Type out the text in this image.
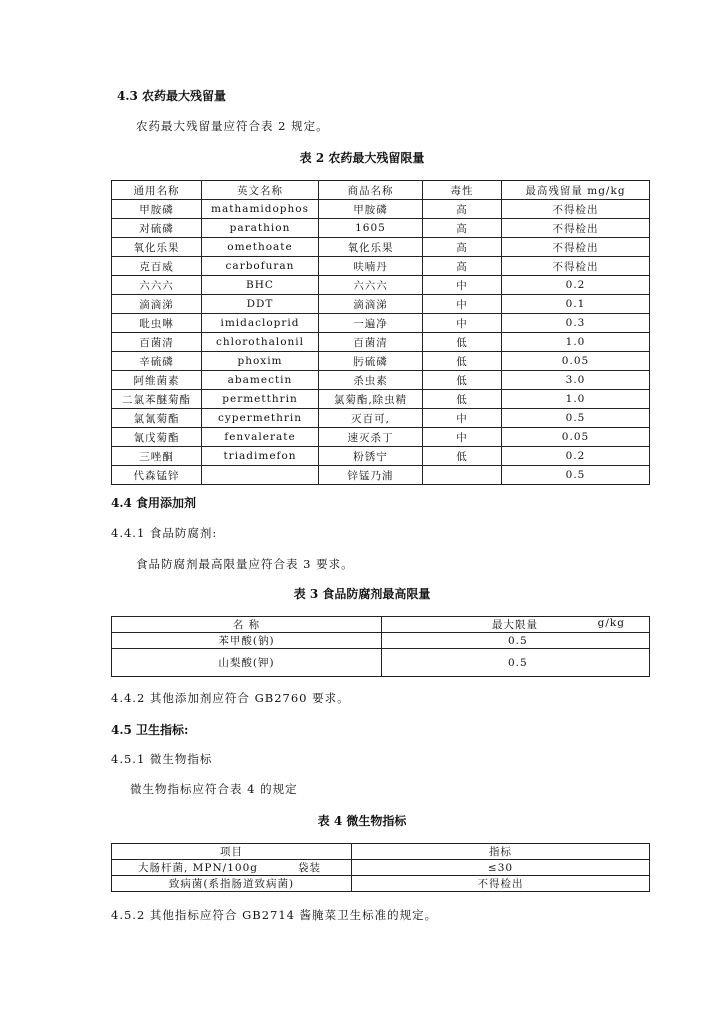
4.3 农药最大残留量
农药最大残留量应符合表 2 规定。
表 2 农药最大残留限量
通用名称	英文名称	商品名称	毒性	最高残留量 mg/kg
甲胺磷	mathamidophos	甲胺磷	高	不得检出
对硫磷	parathion	1605	高	不得检出
氧化乐果	omethoate	氧化乐果	高	不得检出
克百威	carbofuran	呋喃丹	高	不得检出
六六六	BHC	六六六	中	0.2
滴滴涕	DDT	滴滴涕	中	0.1
吡虫啉	imidacloprid	一遍净	中	0.3
百菌清	chlorothalonil	百菌清	低	1.0
辛硫磷	phoxim	肟硫磷	低	0.05
阿维菌素	abamectin	杀虫素	低	3.0
二氯苯醚菊酯	permetthrin	氯菊酯,除虫精	低	1.0
氯氰菊酯	cypermethrin	灭百可,	中	0.5
氰戊菊酯	fenvalerate	速灭杀丁	中	0.05
三唑酮	triadimefon	粉锈宁	低	0.2
代森锰锌		锌锰乃浦		0.5
4.4 食用添加剂
4.4.1 食品防腐剂:
食品防腐剂最高限量应符合表 3 要求。
表 3 食品防腐剂最高限量
名 称	最大限量 g/kg

苯甲酸(钠)	0.5
山梨酸(钾)	0.5
4.4.2 其他添加剂应符合 GB2760 要求。
4.5 卫生指标:
4.5.1 微生物指标
微生物指标应符合表 4 的规定
表 4 微生物指标
项目	指标

大肠杆菌, MPN/100g 袋装	≤30
致病菌(系指肠道致病菌)	不得检出
4.5.2 其他指标应符合 GB2714 酱腌菜卫生标准的规定。
